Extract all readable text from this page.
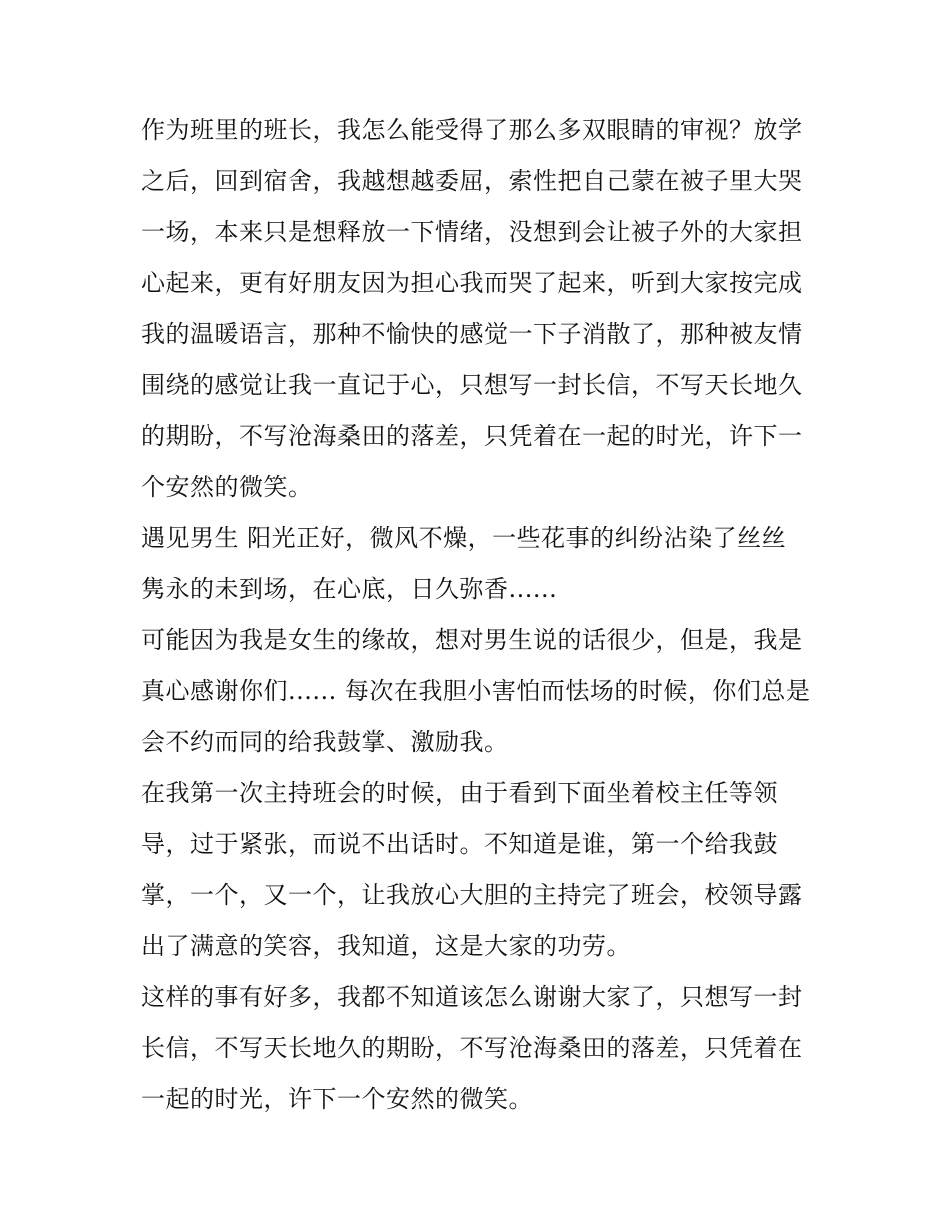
作为班里的班长，我怎么能受得了那么多双眼睛的审视？放学
之后，回到宿舍，我越想越委屈，索性把自己蒙在被子里大哭
一场，本来只是想释放一下情绪，没想到会让被子外的大家担
心起来，更有好朋友因为担心我而哭了起来，听到大家按完成
我的温暖语言，那种不愉快的感觉一下子消散了，那种被友情
围绕的感觉让我一直记于心，只想写一封长信，不写天长地久
的期盼，不写沧海桑田的落差，只凭着在一起的时光，许下一
个安然的微笑。
遇见男生 阳光正好，微风不燥，一些花事的纠纷沾染了丝丝
隽永的未到场，在心底，日久弥香......
可能因为我是女生的缘故，想对男生说的话很少，但是，我是
真心感谢你们...... 每次在我胆小害怕而怯场的时候，你们总是
会不约而同的给我鼓掌、激励我。
在我第一次主持班会的时候，由于看到下面坐着校主任等领
导，过于紧张，而说不出话时。不知道是谁，第一个给我鼓
掌，一个，又一个，让我放心大胆的主持完了班会，校领导露
出了满意的笑容，我知道，这是大家的功劳。
这样的事有好多，我都不知道该怎么谢谢大家了，只想写一封
长信，不写天长地久的期盼，不写沧海桑田的落差，只凭着在
一起的时光，许下一个安然的微笑。
